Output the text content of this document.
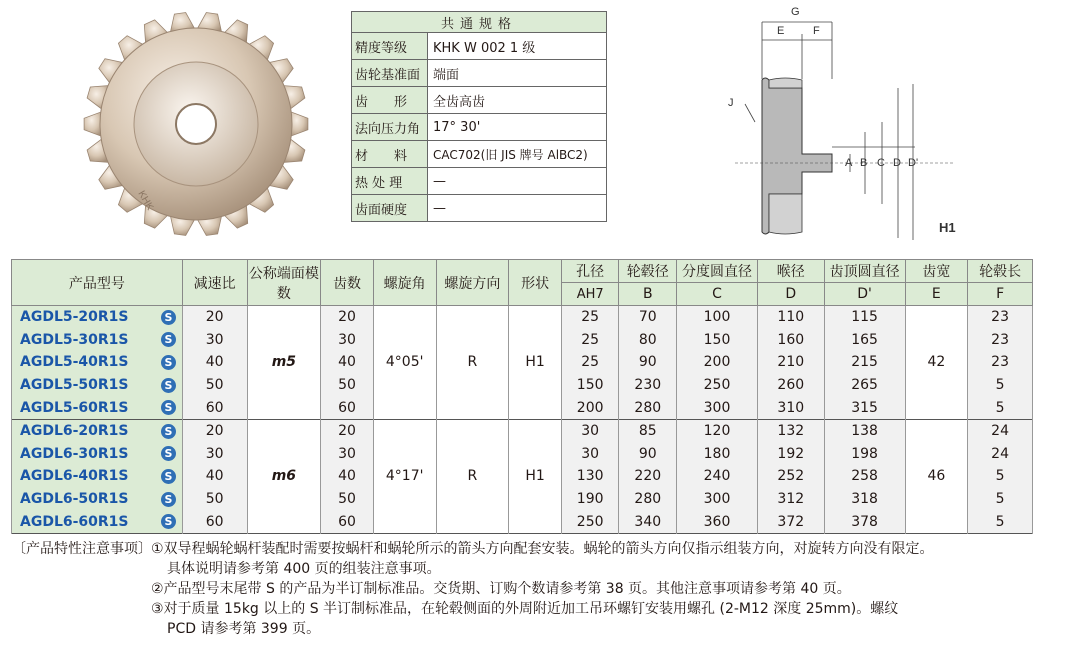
KHK
共通规格	
精度等级	KHK W 002 1 级
齿轮基准面	端面
齿　　形	全齿高齿
法向压力角	17° 30'
材　　料	CAC702(旧 JIS 牌号 AlBC2)
热 处 理	—
齿面硬度	—
G
E	F
J
A B C D D'
H1
产品型号		减速比	公称端面模数	齿数	螺旋角	螺旋方向	形状	孔径	轮毂径	分度圆直径	喉径	齿顶圆直径	齿宽	轮毂长
								AH7	B	C	D	D'	E	F
AGDL5-20R1S	S	20	m5	20	4°05'	R	H1	25	70	100	110	115	42	23
AGDL5-30R1S	S	30		30				25	80	150	160	165		23
AGDL5-40R1S	S	40		40				25	90	200	210	215		23
AGDL5-50R1S	S	50		50				150	230	250	260	265		5
AGDL5-60R1S	S	60		60				200	280	300	310	315		5
AGDL6-20R1S	S	20	m6	20	4°17'	R	H1	30	85	120	132	138	46	24
AGDL6-30R1S	S	30		30				30	90	180	192	198		24
AGDL6-40R1S	S	40		40				130	220	240	252	258		5
AGDL6-50R1S	S	50		50				190	280	300	312	318		5
AGDL6-60R1S	S	60		60				250	340	360	372	378		5
〔产品特性注意事项〕 ①双导程蜗轮蜗杆装配时需要按蜗杆和蜗轮所示的箭头方向配套安装。蜗轮的箭头方向仅指示组装方向，对旋转方向没有限定。

具体说明请参考第 400 页的组装注意事项。

②产品型号末尾带 S 的产品为半订制标准品。交货期、订购个数请参考第 38 页。其他注意事项请参考第 40 页。

③对于质量 15kg 以上的 S 半订制标准品，在轮毂侧面的外周附近加工吊环螺钉安装用螺孔 (2-M12 深度 25mm)。螺纹

PCD 请参考第 399 页。
